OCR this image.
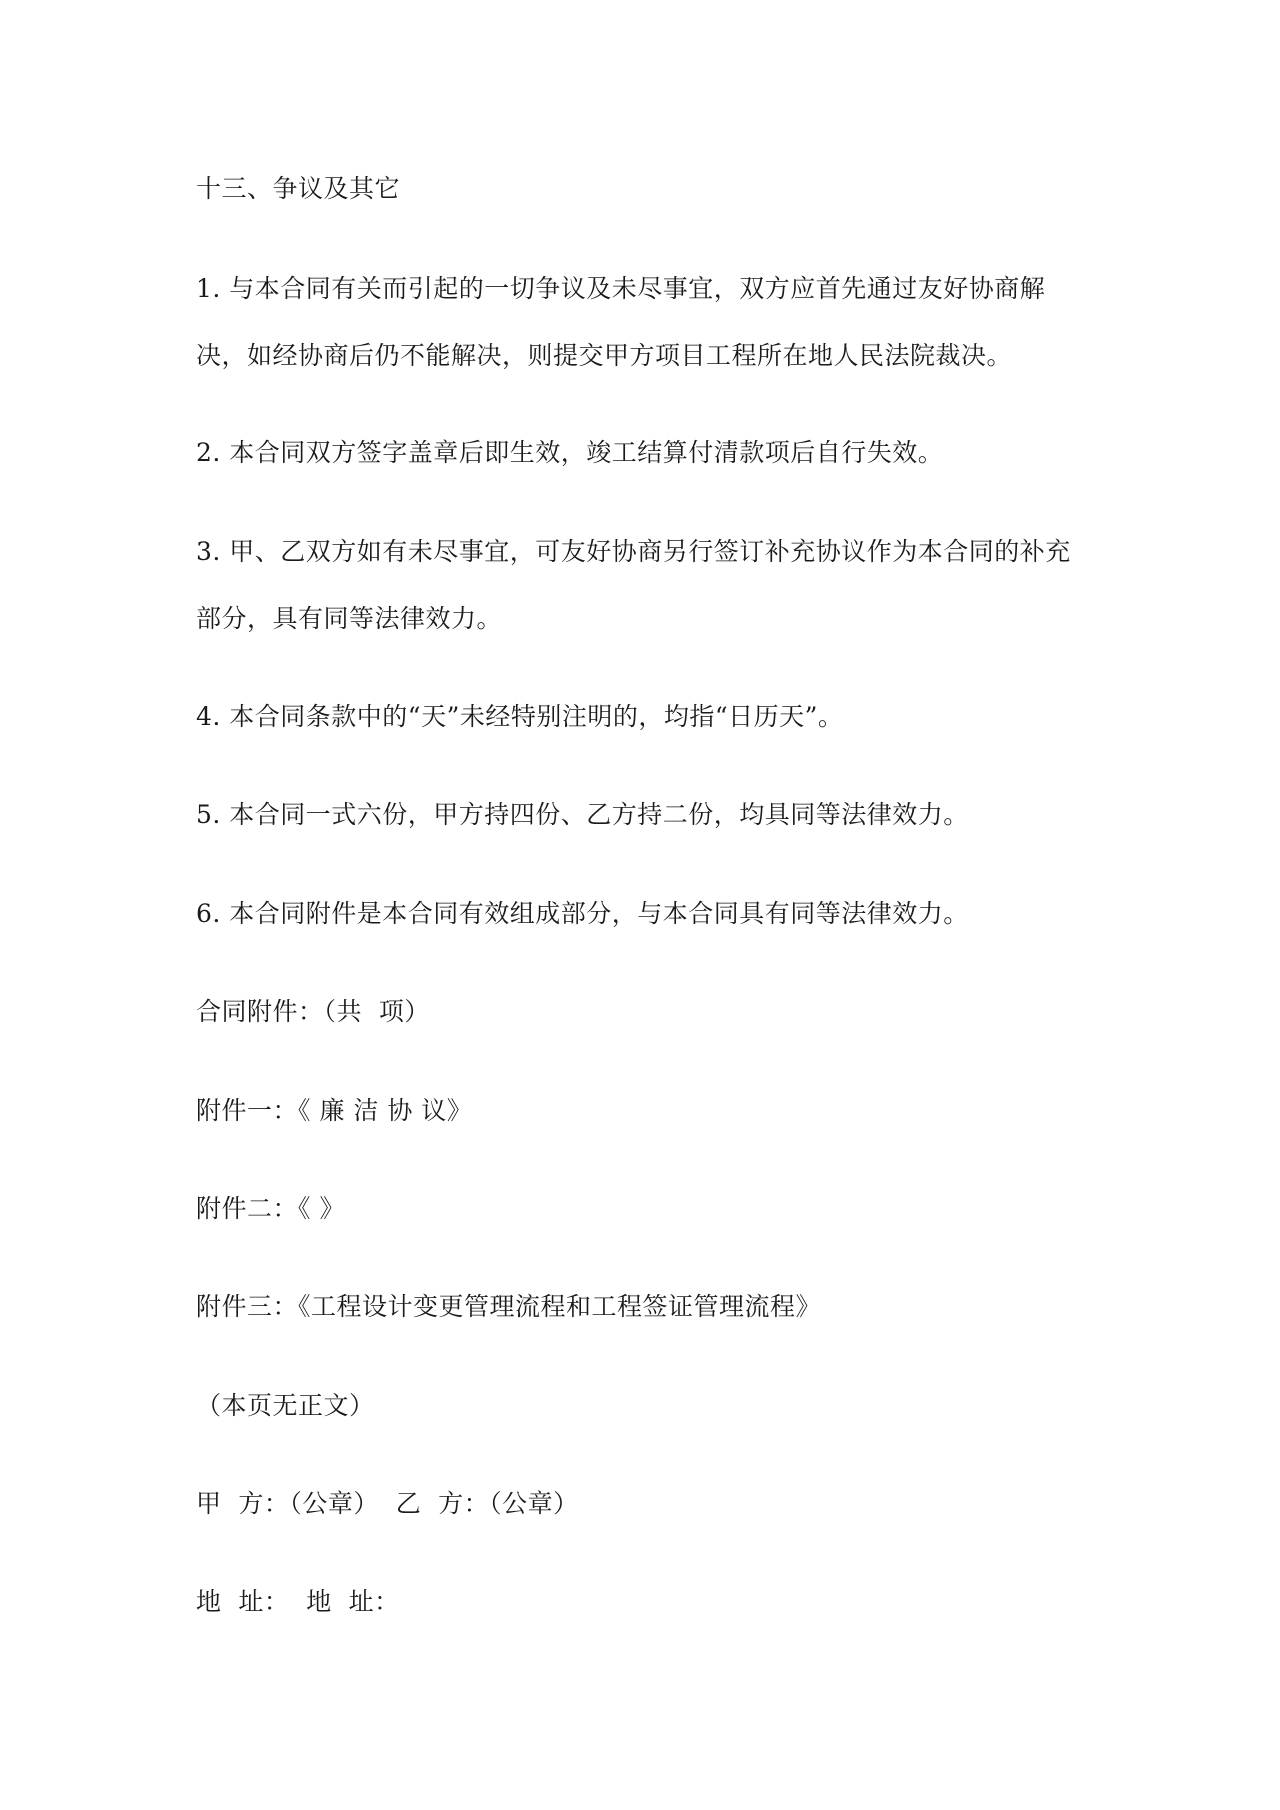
十三、争议及其它
1. 与本合同有关而引起的一切争议及未尽事宜，双方应首先通过友好协商解
决，如经协商后仍不能解决，则提交甲方项目工程所在地人民法院裁决。
2. 本合同双方签字盖章后即生效，竣工结算付清款项后自行失效。
3. 甲、乙双方如有未尽事宜，可友好协商另行签订补充协议作为本合同的补充
部分，具有同等法律效力。
4. 本合同条款中的“天”未经特别注明的，均指“日历天”。
5. 本合同一式六份，甲方持四份、乙方持二份，均具同等法律效力。
6. 本合同附件是本合同有效组成部分，与本合同具有同等法律效力。
合同附件：（共  项）
附件一：《 廉 洁 协 议》
附件二：《 》
附件三：《工程设计变更管理流程和工程签证管理流程》
（本页无正文）
甲  方：（公章）  乙  方：（公章）
地  址：  地  址：
